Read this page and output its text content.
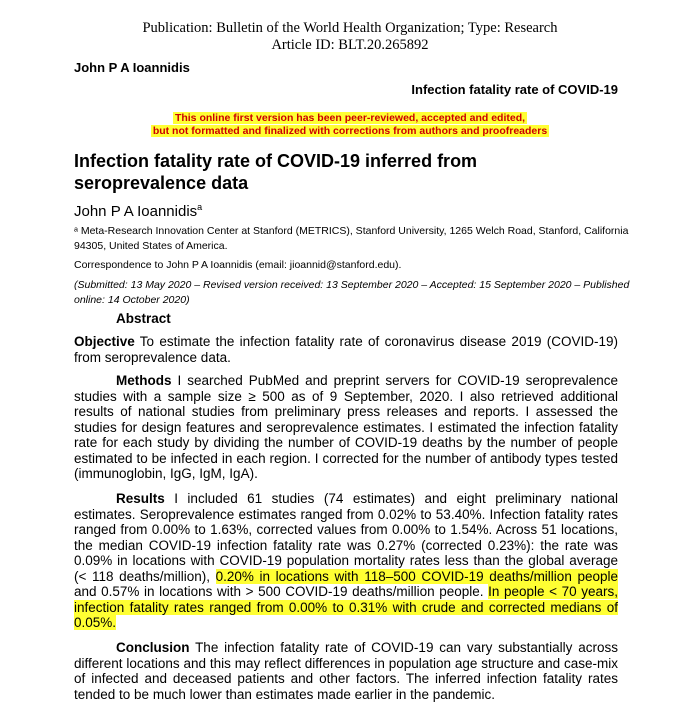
Publication: Bulletin of the World Health Organization; Type: Research
Article ID: BLT.20.265892
John P A Ioannidis
Infection fatality rate of COVID-19
This online first version has been peer-reviewed, accepted and edited,
but not formatted and finalized with corrections from authors and proofreaders
Infection fatality rate of COVID-19 inferred from seroprevalence data
John P A Ioannidis$^a$
ᵃ Meta-Research Innovation Center at Stanford (METRICS), Stanford University, 1265 Welch Road, Stanford, California 94305, United States of America.
Correspondence to John P A Ioannidis (email: jioannid@stanford.edu).
(Submitted: 13 May 2020 – Revised version received: 13 September 2020 – Accepted: 15 September 2020 – Published online: 14 October 2020)
Abstract
Objective To estimate the infection fatality rate of coronavirus disease 2019 (COVID-19) from seroprevalence data.
Methods I searched PubMed and preprint servers for COVID-19 seroprevalence studies with a sample size ≥ 500 as of 9 September, 2020. I also retrieved additional results of national studies from preliminary press releases and reports. I assessed the studies for design features and seroprevalence estimates. I estimated the infection fatality rate for each study by dividing the number of COVID-19 deaths by the number of people estimated to be infected in each region. I corrected for the number of antibody types tested (immunoglobin, IgG, IgM, IgA).
Results I included 61 studies (74 estimates) and eight preliminary national estimates. Seroprevalence estimates ranged from 0.02% to 53.40%. Infection fatality rates ranged from 0.00% to 1.63%, corrected values from 0.00% to 1.54%. Across 51 locations, the median COVID-19 infection fatality rate was 0.27% (corrected 0.23%): the rate was 0.09% in locations with COVID-19 population mortality rates less than the global average (< 118 deaths/million), 0.20% in locations with 118–500 COVID-19 deaths/million people and 0.57% in locations with > 500 COVID-19 deaths/million people. In people < 70 years, infection fatality rates ranged from 0.00% to 0.31% with crude and corrected medians of 0.05%.
Conclusion The infection fatality rate of COVID-19 can vary substantially across different locations and this may reflect differences in population age structure and case-mix of infected and deceased patients and other factors. The inferred infection fatality rates tended to be much lower than estimates made earlier in the pandemic.
